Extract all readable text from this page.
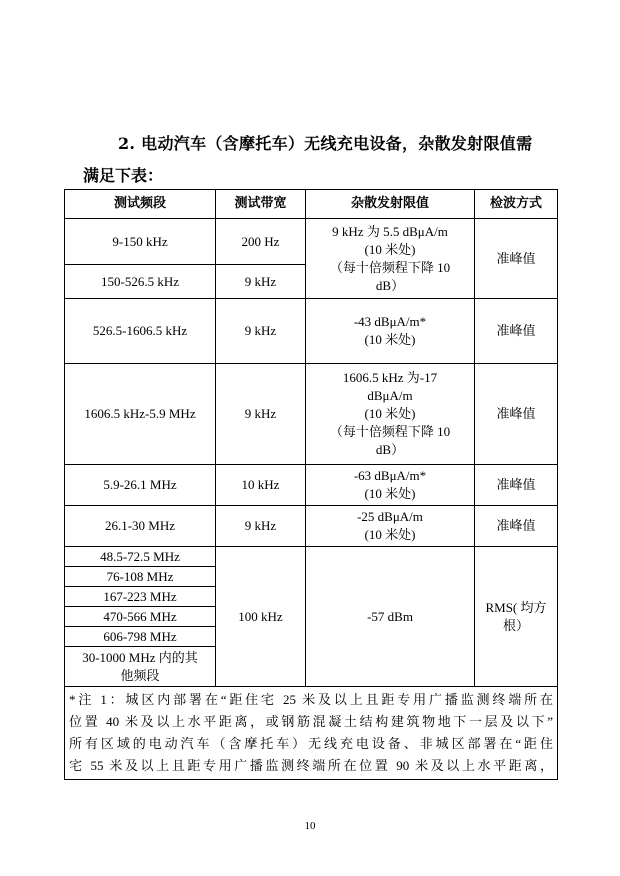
2. 电动汽车（含摩托车）无线充电设备，杂散发射限值需
满足下表：
测试频段	测试带宽	杂散发射限值	检波方式
9-150 kHz	200 Hz	9 kHz 为 5.5 dBμA/m
(10 米处)
（每十倍频程下降 10
dB）	准峰值
150-526.5 kHz	9 kHz		
526.5-1606.5 kHz	9 kHz	-43 dBμA/m*
(10 米处)	准峰值
1606.5 kHz-5.9 MHz	9 kHz	1606.5 kHz 为-17
dBμA/m
(10 米处)
（每十倍频程下降 10
dB）	准峰值
5.9-26.1 MHz	10 kHz	-63 dBμA/m*
(10 米处)	准峰值
26.1-30 MHz	9 kHz	-25 dBμA/m
(10 米处)	准峰值
48.5-72.5 MHz	100 kHz	-57 dBm	RMS( 均方
根）

76-108 MHz			
167-223 MHz			
470-566 MHz			
606-798 MHz			

30-1000 MHz 内的其
他频段			

*注 1：城区内部署在“距住宅 25 米及以上且距专用广播监测终端所在
位置 40 米及以上水平距离，或钢筋混凝土结构建筑物地下一层及以下”
所有区域的电动汽车（含摩托车）无线充电设备、非城区部署在“距住
宅 55 米及以上且距专用广播监测终端所在位置 90 米及以上水平距离，			
10
